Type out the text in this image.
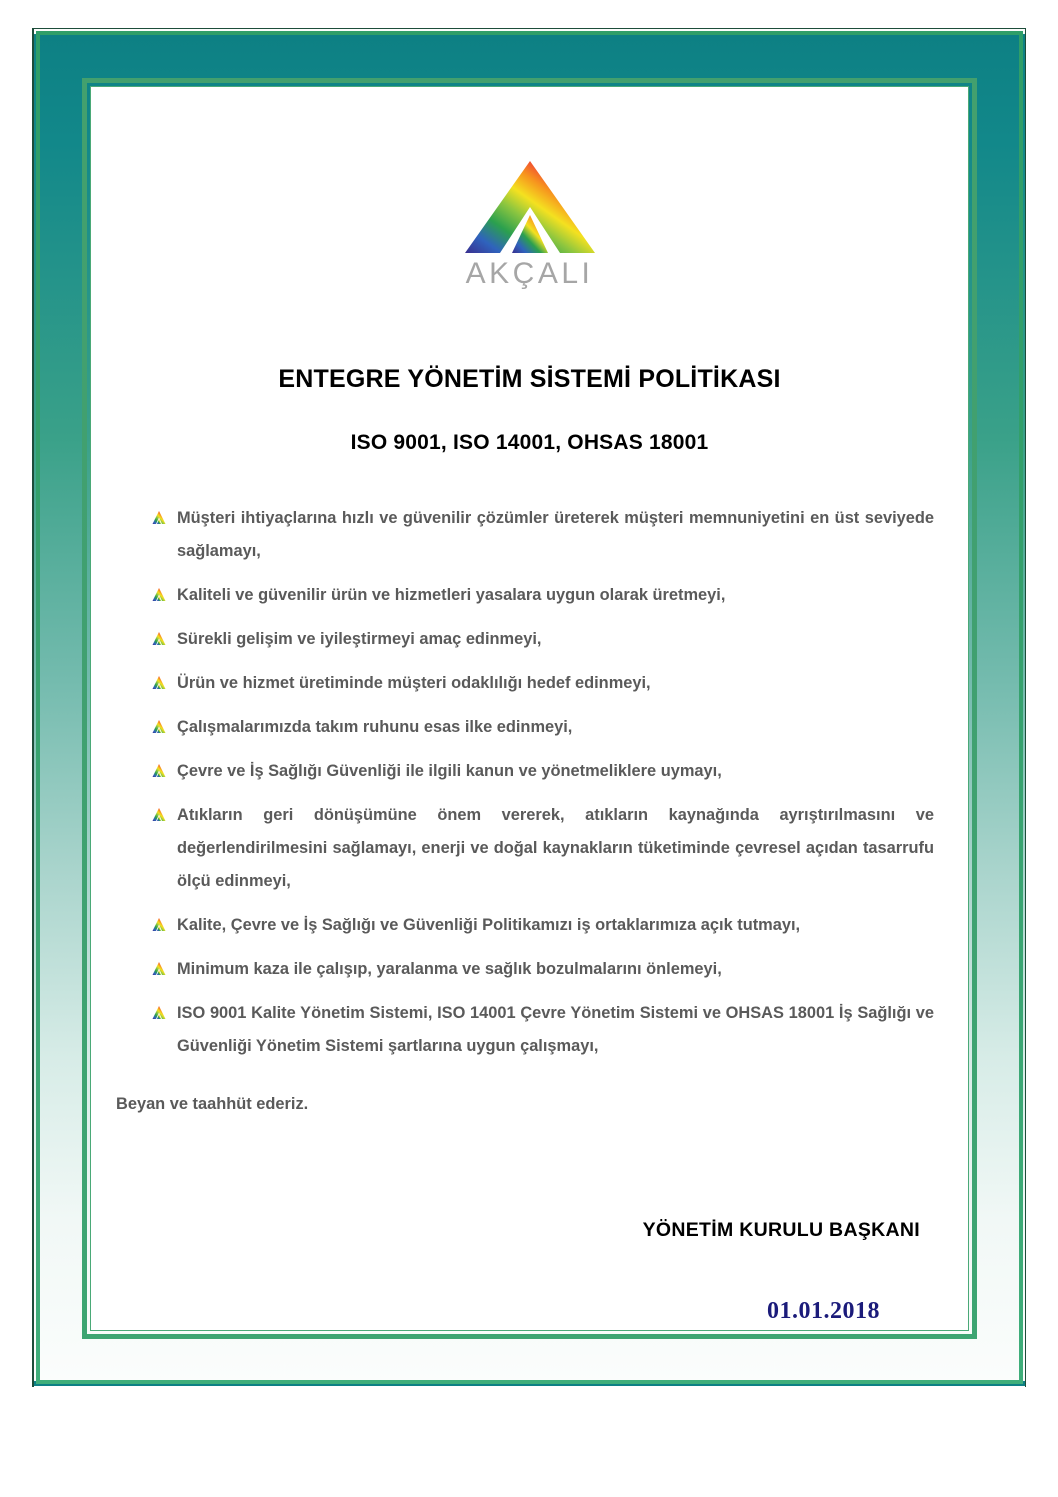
AKÇALI
ENTEGRE YÖNETİM SİSTEMİ POLİTİKASI
ISO 9001, ISO 14001, OHSAS 18001
Müşteri ihtiyaçlarına hızlı ve güvenilir çözümler üreterek müşteri memnuniyetini en üst seviyede sağlamayı,
Kaliteli ve güvenilir ürün ve hizmetleri yasalara uygun olarak üretmeyi,
Sürekli gelişim ve iyileştirmeyi amaç edinmeyi,
Ürün ve hizmet üretiminde müşteri odaklılığı hedef edinmeyi,
Çalışmalarımızda takım ruhunu esas ilke edinmeyi,
Çevre ve İş Sağlığı Güvenliği ile ilgili kanun ve yönetmeliklere uymayı,
Atıkların geri dönüşümüne önem vererek, atıkların kaynağında ayrıştırılmasını ve değerlendirilmesini sağlamayı, enerji ve doğal kaynakların tüketiminde çevresel açıdan tasarrufu ölçü edinmeyi,
Kalite, Çevre ve İş Sağlığı ve Güvenliği Politikamızı iş ortaklarımıza açık tutmayı,
Minimum kaza ile çalışıp, yaralanma ve sağlık bozulmalarını önlemeyi,
ISO 9001 Kalite Yönetim Sistemi, ISO 14001 Çevre Yönetim Sistemi ve OHSAS 18001 İş Sağlığı ve Güvenliği Yönetim Sistemi şartlarına uygun çalışmayı,

Beyan ve taahhüt ederiz.

YÖNETİM KURULU BAŞKANI
01.01.2018
